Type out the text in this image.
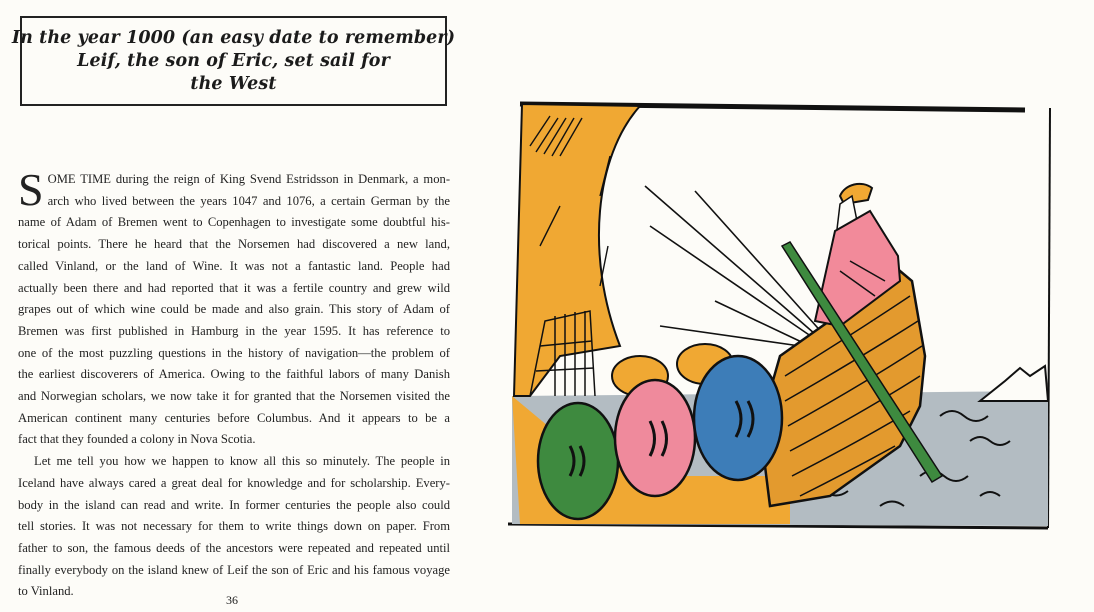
In the year 1000 (an easy date to remember)
Leif, the son of Eric, set sail for
the West
S OME TIME during the reign of King Svend Estridsson in Denmark, a mon-
arch who lived between the years 1047 and 1076, a certain German by the
name of Adam of Bremen went to Copenhagen to investigate some doubtful his-
torical points. There he heard that the Norsemen had discovered a new land,
called Vinland, or the land of Wine. It was not a fantastic land. People had
actually been there and had reported that it was a fertile country and grew wild
grapes out of which wine could be made and also grain. This story of Adam of
Bremen was first published in Hamburg in the year 1595. It has reference to
one of the most puzzling questions in the history of navigation—the problem of
the earliest discoverers of America. Owing to the faithful labors of many Danish
and Norwegian scholars, we now take it for granted that the Norsemen visited the
American continent many centuries before Columbus. And it appears to be a
fact that they founded a colony in Nova Scotia.
Let me tell you how we happen to know all this so minutely. The people in
Iceland have always cared a great deal for knowledge and for scholarship. Every-
body in the island can read and write. In former centuries the people also could
tell stories. It was not necessary for them to write things down on paper. From
father to son, the famous deeds of the ancestors were repeated and repeated until
finally everybody on the island knew of Leif the son of Eric and his famous voyage
to Vinland.
36
